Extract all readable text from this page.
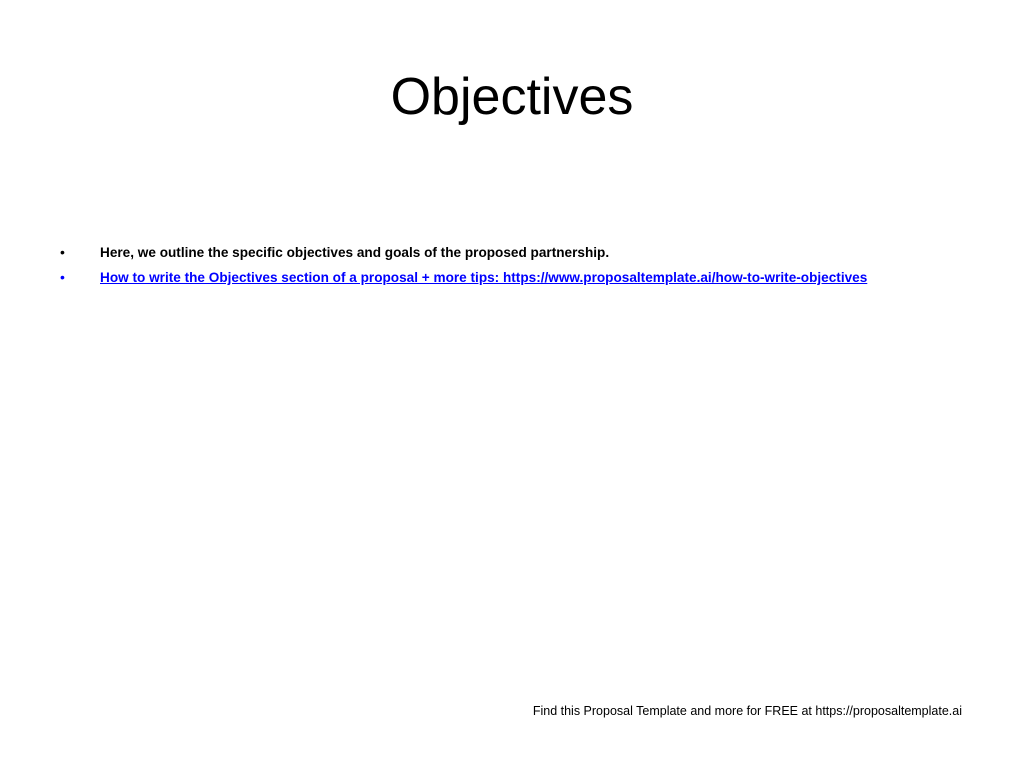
Objectives
•	Here, we outline the specific objectives and goals of the proposed partnership.
•	How to write the Objectives section of a proposal + more tips: https://www.proposaltemplate.ai/how-to-write-objectives
Find this Proposal Template and more for FREE at https://proposaltemplate.ai
